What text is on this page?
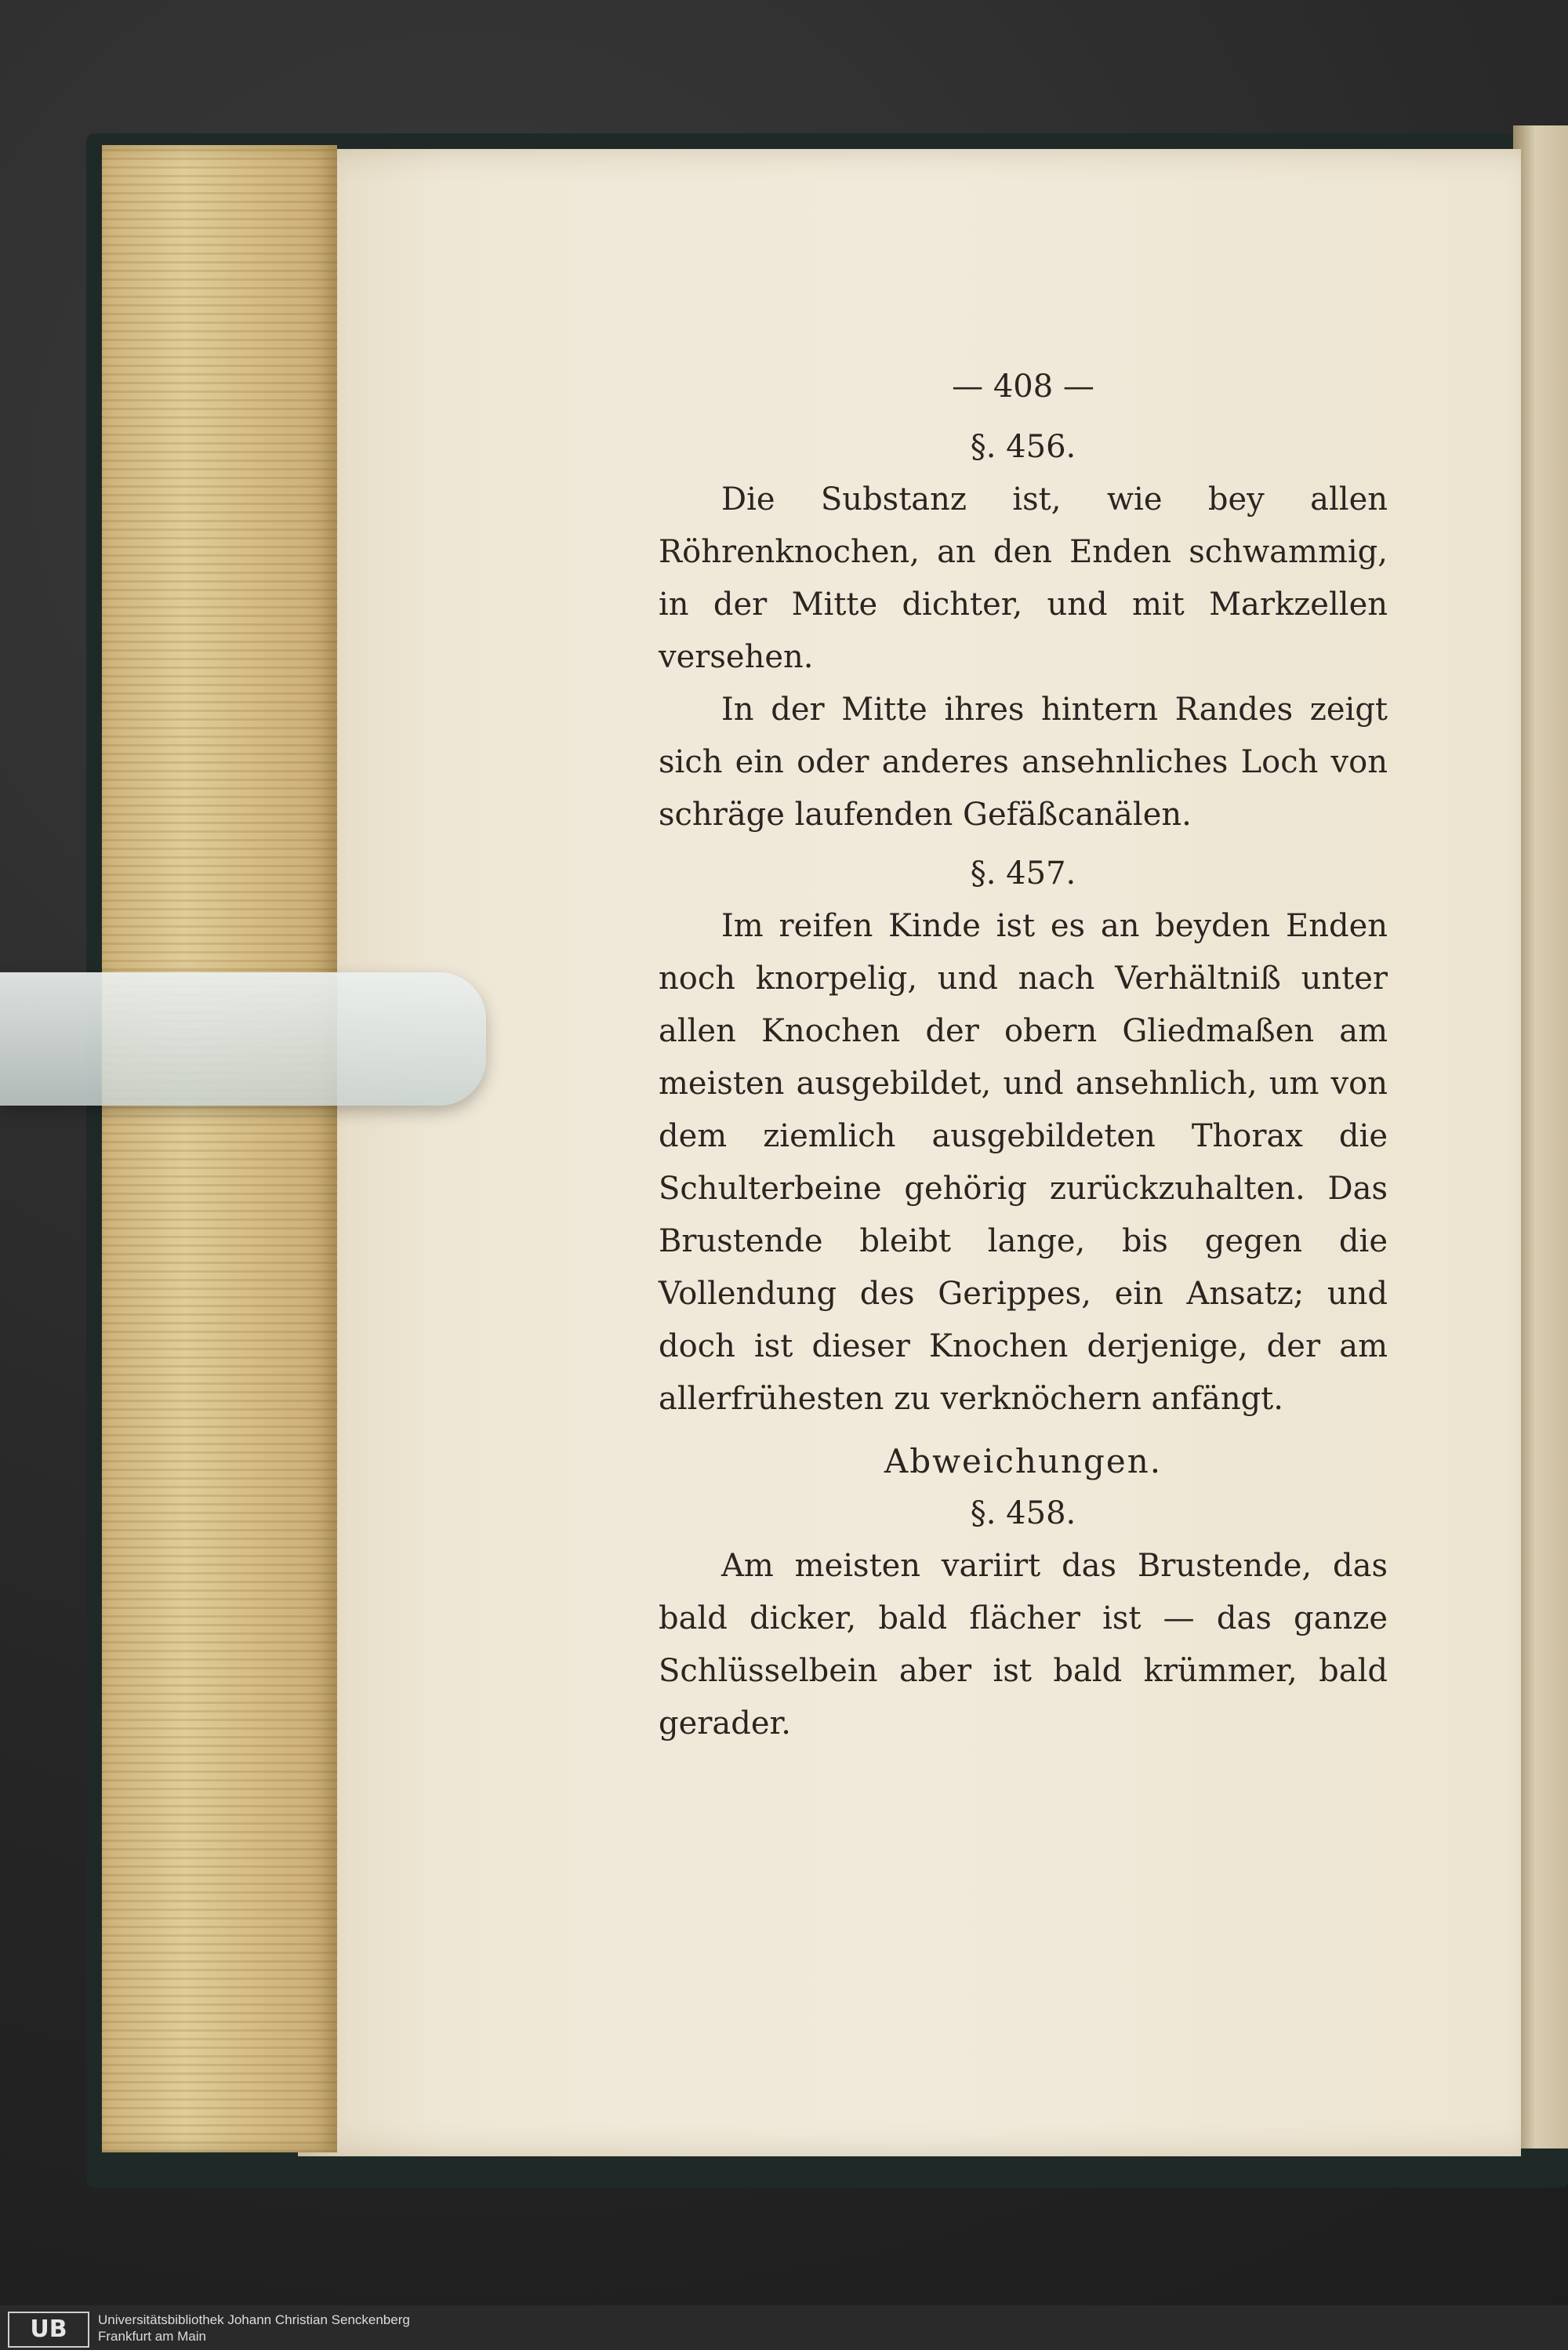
— 408 —

§. 456.

Die Substanz ist, wie bey allen Röhrenknochen, an den Enden schwammig, in der Mitte dichter, und mit Markzellen versehen.

In der Mitte ihres hintern Randes zeigt sich ein oder anderes ansehnliches Loch von schräge laufenden Gefäßcanälen.

§. 457.

Im reifen Kinde ist es an beyden Enden noch knorpelig, und nach Verhältniß unter allen Knochen der obern Gliedmaßen am meisten ausgebildet, und ansehnlich, um von dem ziemlich ausgebildeten Thorax die Schulterbeine gehörig zurückzuhalten. Das Brustende bleibt lange, bis gegen die Vollendung des Gerippes, ein Ansatz; und doch ist dieser Knochen derjenige, der am allerfrühesten zu verknöchern anfängt.

Abweichungen.

§. 458.

Am meisten variirt das Brustende, das bald dicker, bald flächer ist — das ganze Schlüsselbein aber ist bald krümmer, bald gerader.

UB	Universitätsbibliothek Johann Christian Senckenberg
Frankfurt am Main
